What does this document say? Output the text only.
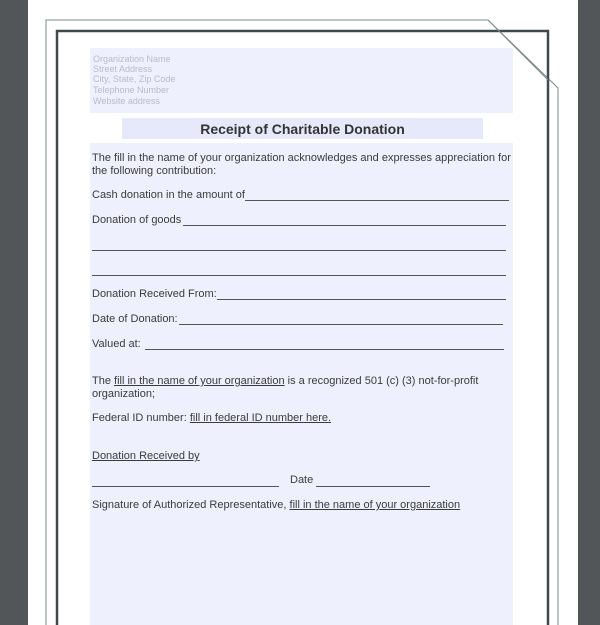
Organization Name
Street Address
City, State, Zip Code
Telephone Number
Website address
Receipt of Charitable Donation
The fill in the name of your organization acknowledges and expresses appreciation for the following contribution:
Cash donation in the amount of
Donation of goods
Donation Received From:
Date of Donation:
Valued at:
The fill in the name of your organization is a recognized 501 (c) (3) not-for-profit organization;
Federal ID number: fill in federal ID number here.
Donation Received by
Date
Signature of Authorized Representative, fill in the name of your organization
